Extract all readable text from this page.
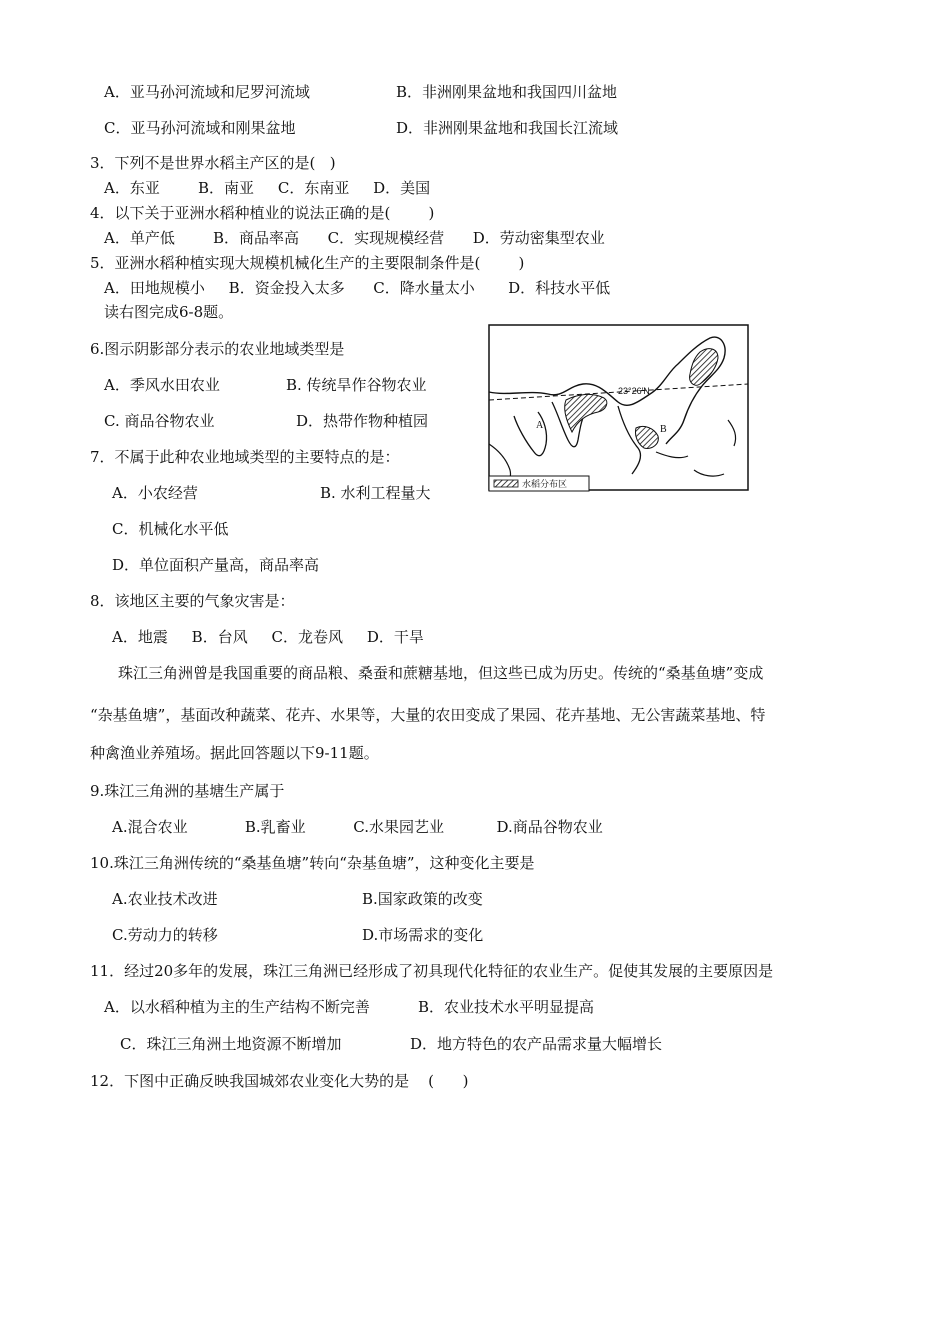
A．亚马孙河流域和尼罗河流域	B．非洲刚果盆地和我国四川盆地
C．亚马孙河流域和刚果盆地	D．非洲刚果盆地和我国长江流域
3．下列不是世界水稻主产区的是(   )
A．东亚        B．南亚     C．东南亚     D．美国
4．以下关于亚洲水稻种植业的说法正确的是(        )
A．单产低        B．商品率高      C．实现规模经营      D．劳动密集型农业
5．亚洲水稻种植实现大规模机械化生产的主要限制条件是(        )
A．田地规模小     B．资金投入太多      C．降水量太小       D．科技水平低
读右图完成6-8题。
6.图示阴影部分表示的农业地域类型是
A．季风水田农业	B. 传统旱作谷物农业
C. 商品谷物农业	D．热带作物种植园
7．不属于此种农业地域类型的主要特点的是：
A．小农经营	B. 水利工程量大
C．机械化水平低
D．单位面积产量高，商品率高
8．该地区主要的气象灾害是：
A．地震     B．台风     C．龙卷风     D．干旱
珠江三角洲曾是我国重要的商品粮、桑蚕和蔗糖基地，但这些已成为历史。传统的“桑基鱼塘”变成
“杂基鱼塘”，基面改种蔬菜、花卉、水果等，大量的农田变成了果园、花卉基地、无公害蔬菜基地、特
种禽渔业养殖场。据此回答题以下9-11题。
9.珠江三角洲的基塘生产属于
A.混合农业            B.乳畜业          C.水果园艺业           D.商品谷物农业
10.珠江三角洲传统的“桑基鱼塘”转向“杂基鱼塘”，这种变化主要是
A.农业技术改进	B.国家政策的改变
C.劳动力的转移	D.市场需求的变化
11．经过20多年的发展，珠江三角洲已经形成了初具现代化特征的农业生产。促使其发展的主要原因是
A．以水稻种植为主的生产结构不断完善	B．农业技术水平明显提高
C．珠江三角洲土地资源不断增加	D．地方特色的农产品需求量大幅增长
12．下图中正确反映我国城郊农业变化大势的是    (      )
23°26′N
A	B
水稻分布区
